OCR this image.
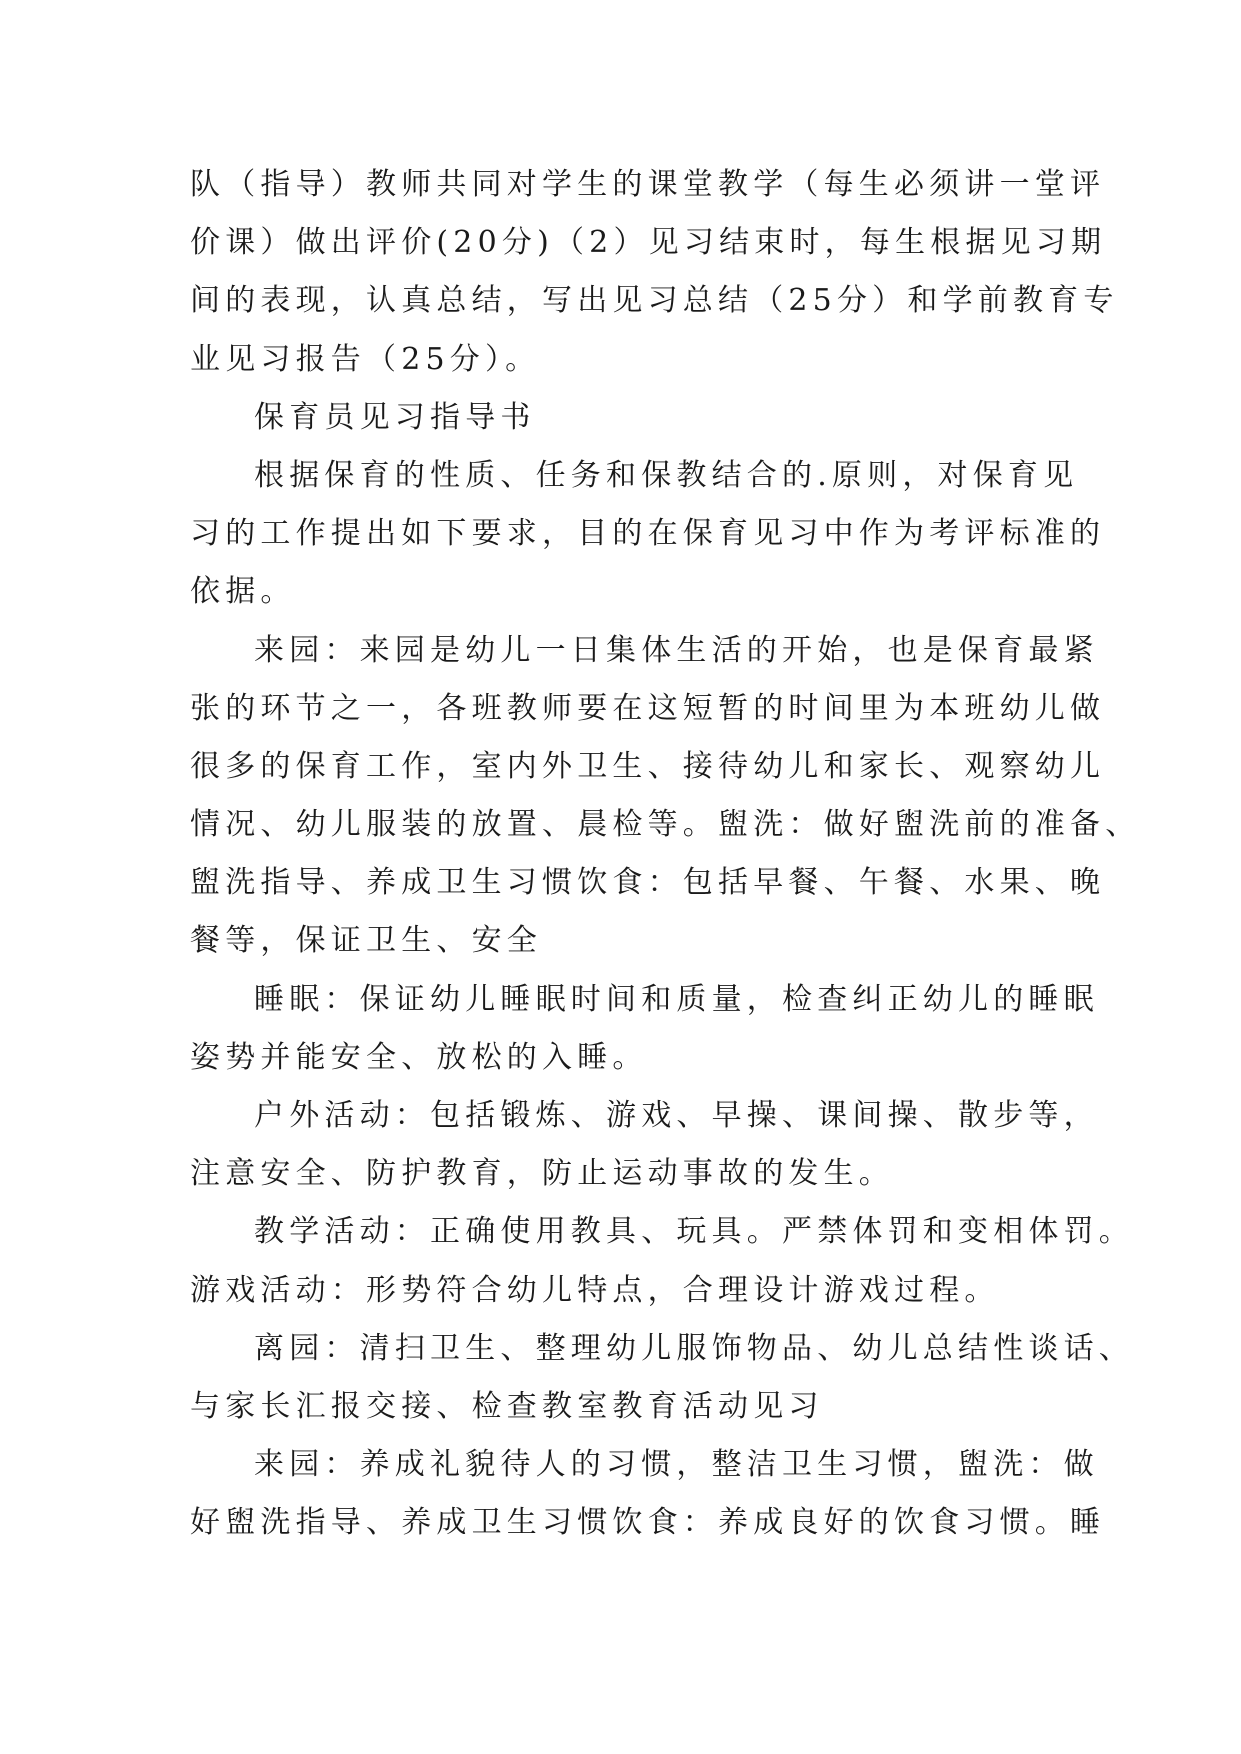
队（指导）教师共同对学生的课堂教学（每生必须讲一堂评
价课）做出评价(20分)（2）见习结束时，每生根据见习期
间的表现，认真总结，写出见习总结（25分）和学前教育专
业见习报告（25分）。
保育员见习指导书
根据保育的性质、任务和保教结合的.原则，对保育见
习的工作提出如下要求，目的在保育见习中作为考评标准的
依据。
来园：来园是幼儿一日集体生活的开始，也是保育最紧
张的环节之一，各班教师要在这短暂的时间里为本班幼儿做
很多的保育工作，室内外卫生、接待幼儿和家长、观察幼儿
情况、幼儿服装的放置、晨检等。盥洗：做好盥洗前的准备、
盥洗指导、养成卫生习惯饮食：包括早餐、午餐、水果、晚
餐等，保证卫生、安全
睡眠：保证幼儿睡眠时间和质量，检查纠正幼儿的睡眠
姿势并能安全、放松的入睡。
户外活动：包括锻炼、游戏、早操、课间操、散步等，
注意安全、防护教育，防止运动事故的发生。
教学活动：正确使用教具、玩具。严禁体罚和变相体罚。
游戏活动：形势符合幼儿特点，合理设计游戏过程。
离园：清扫卫生、整理幼儿服饰物品、幼儿总结性谈话、
与家长汇报交接、检查教室教育活动见习
来园：养成礼貌待人的习惯，整洁卫生习惯，盥洗：做
好盥洗指导、养成卫生习惯饮食：养成良好的饮食习惯。睡
